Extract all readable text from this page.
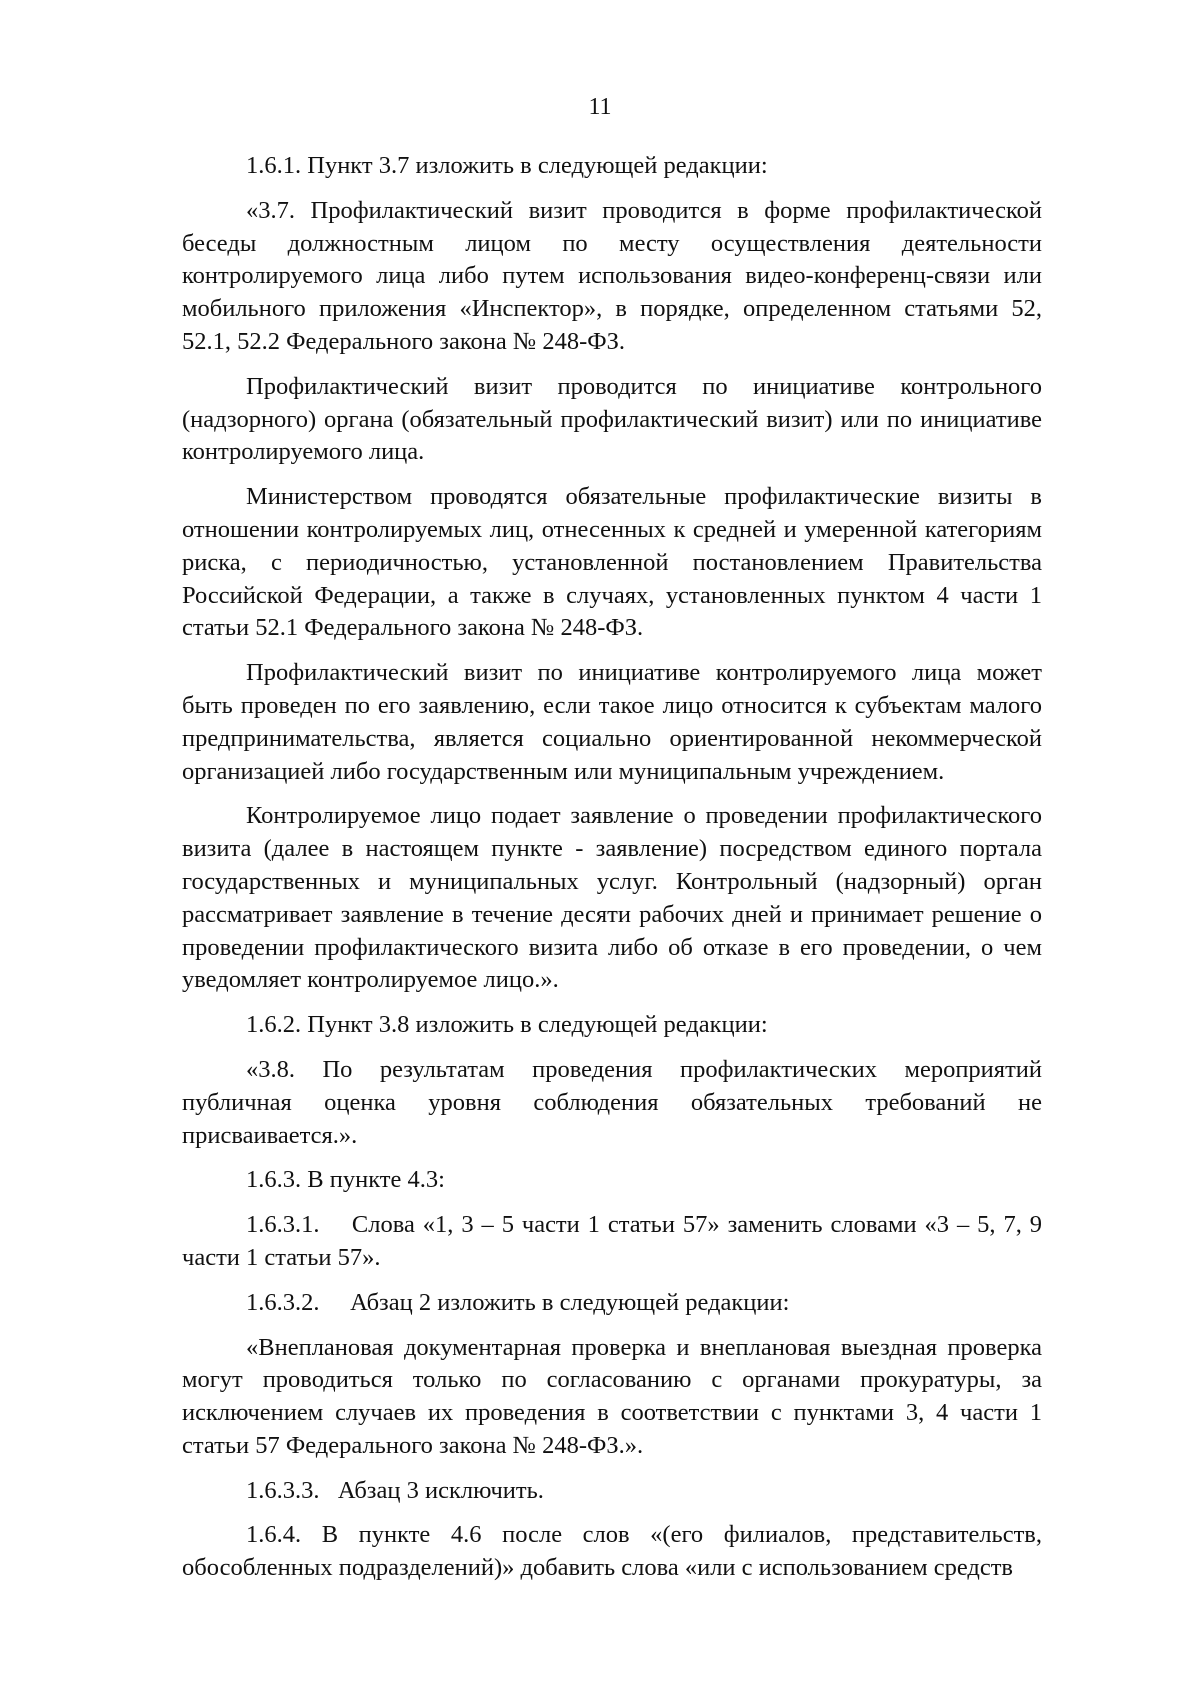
11

1.6.1. Пункт 3.7 изложить в следующей редакции:

«3.7. Профилактический визит проводится в форме профилактической беседы должностным лицом по месту осуществления деятельности контролируемого лица либо путем использования видео-конференц-связи или мобильного приложения «Инспектор», в порядке, определенном статьями 52, 52.1, 52.2 Федерального закона № 248-ФЗ.

Профилактический визит проводится по инициативе контрольного (надзорного) органа (обязательный профилактический визит) или по инициативе контролируемого лица.

Министерством проводятся обязательные профилактические визиты в отношении контролируемых лиц, отнесенных к средней и умеренной категориям риска, с периодичностью, установленной постановлением Правительства Российской Федерации, а также в случаях, установленных пунктом 4 части 1 статьи 52.1 Федерального закона № 248-ФЗ.

Профилактический визит по инициативе контролируемого лица может быть проведен по его заявлению, если такое лицо относится к субъектам малого предпринимательства, является социально ориентированной некоммерческой организацией либо государственным или муниципальным учреждением.

Контролируемое лицо подает заявление о проведении профилактического визита (далее в настоящем пункте - заявление) посредством единого портала государственных и муниципальных услуг. Контрольный (надзорный) орган рассматривает заявление в течение десяти рабочих дней и принимает решение о проведении профилактического визита либо об отказе в его проведении, о чем уведомляет контролируемое лицо.».

1.6.2. Пункт 3.8 изложить в следующей редакции:

«3.8. По результатам проведения профилактических мероприятий публичная оценка уровня соблюдения обязательных требований не присваивается.».

1.6.3. В пункте 4.3:

1.6.3.1.  Слова «1, 3 – 5 части 1 статьи 57» заменить словами «3 – 5, 7, 9 части 1 статьи 57».

1.6.3.2.  Абзац 2 изложить в следующей редакции:

«Внеплановая документарная проверка и внеплановая выездная проверка могут проводиться только по согласованию с органами прокуратуры, за исключением случаев их проведения в соответствии с пунктами 3, 4 части 1 статьи 57 Федерального закона № 248-ФЗ.».

1.6.3.3.  Абзац 3 исключить.

1.6.4. В пункте 4.6 после слов «(его филиалов, представительств, обособленных подразделений)» добавить слова «или с использованием средств
